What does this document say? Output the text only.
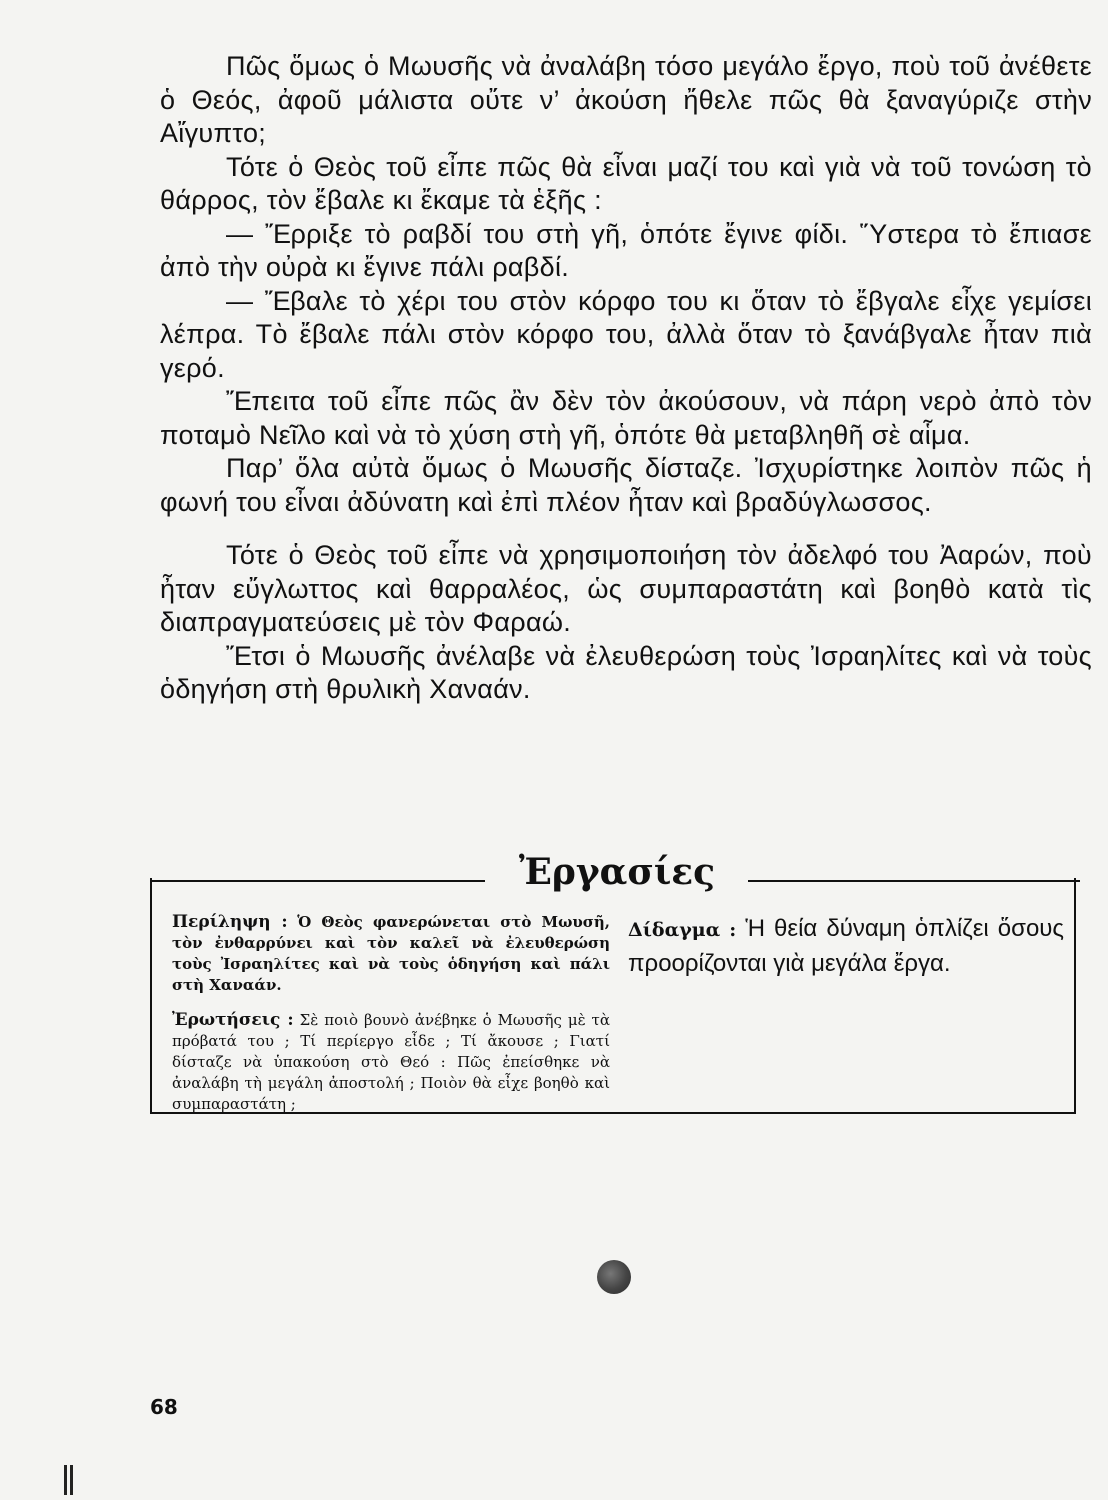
Πῶς ὅμως ὁ Μωυσῆς νὰ ἀναλάβη τόσο μεγάλο ἔργο, ποὺ τοῦ ἀνέθετε ὁ Θεός, ἀφοῦ μάλιστα οὔτε ν’ ἀκούση ἤθελε πῶς θὰ ξαναγύριζε στὴν Αἴγυπτο;

Τότε ὁ Θεὸς τοῦ εἶπε πῶς θὰ εἶναι μαζί του καὶ γιὰ νὰ τοῦ τονώση τὸ θάρρος, τὸν ἔβαλε κι ἔκαμε τὰ ἑξῆς :

— Ἔρριξε τὸ ραβδί του στὴ γῆ, ὁπότε ἔγινε φίδι. Ὕστερα τὸ ἔπιασε ἀπὸ τὴν οὐρὰ κι ἔγινε πάλι ραβδί.

— Ἔβαλε τὸ χέρι του στὸν κόρφο του κι ὅταν τὸ ἔβγαλε εἶχε γεμίσει λέπρα. Τὸ ἔβαλε πάλι στὸν κόρφο του, ἀλλὰ ὅταν τὸ ξανάβγαλε ἦταν πιὰ γερό.

Ἔπειτα τοῦ εἶπε πῶς ἂν δὲν τὸν ἀκούσουν, νὰ πάρη νερὸ ἀπὸ τὸν ποταμὸ Νεῖλο καὶ νὰ τὸ χύση στὴ γῆ, ὁπότε θὰ μεταβληθῆ σὲ αἷμα.

Παρ’ ὅλα αὐτὰ ὅμως ὁ Μωυσῆς δίσταζε. Ἰσχυρίστηκε λοιπὸν πῶς ἡ φωνή του εἶναι ἀδύνατη καὶ ἐπὶ πλέον ἦταν καὶ βραδύγλωσσος.

Τότε ὁ Θεὸς τοῦ εἶπε νὰ χρησιμοποιήση τὸν ἀδελφό του Ἀαρών, ποὺ ἦταν εὔγλωττος καὶ θαρραλέος, ὡς συμπαραστάτη καὶ βοηθὸ κατὰ τὶς διαπραγματεύσεις μὲ τὸν Φαραώ.

Ἔτσι ὁ Μωυσῆς ἀνέλαβε νὰ ἐλευθερώση τοὺς Ἰσραηλίτες καὶ νὰ τοὺς ὁδηγήση στὴ θρυλικὴ Χαναάν.

Ἐργασίες

Περίληψη : Ὁ Θεὸς φανερώνεται στὸ Μωυσῆ, τὸν ἐνθαρρύνει καὶ τὸν καλεῖ νὰ ἐλευθερώση τοὺς Ἰσραηλίτες καὶ νὰ τοὺς ὁδηγήση καὶ πάλι στὴ Χαναάν.

Ἐρωτήσεις : Σὲ ποιὸ βουνὸ ἀνέβηκε ὁ Μωυσῆς μὲ τὰ πρόβατά του ; Τί περίεργο εἶδε ; Τί ἄκουσε ; Γιατί δίσταζε νὰ ὑπακούση στὸ Θεό : Πῶς ἐπείσθηκε νὰ ἀναλάβη τὴ μεγάλη ἀποστολή ; Ποιὸν θὰ εἶχε βοηθὸ καὶ συμπαραστάτη ;

Δίδαγμα : Ἡ θεία δύναμη ὁπλίζει ὅσους προορίζονται γιὰ μεγάλα ἔργα.

68
